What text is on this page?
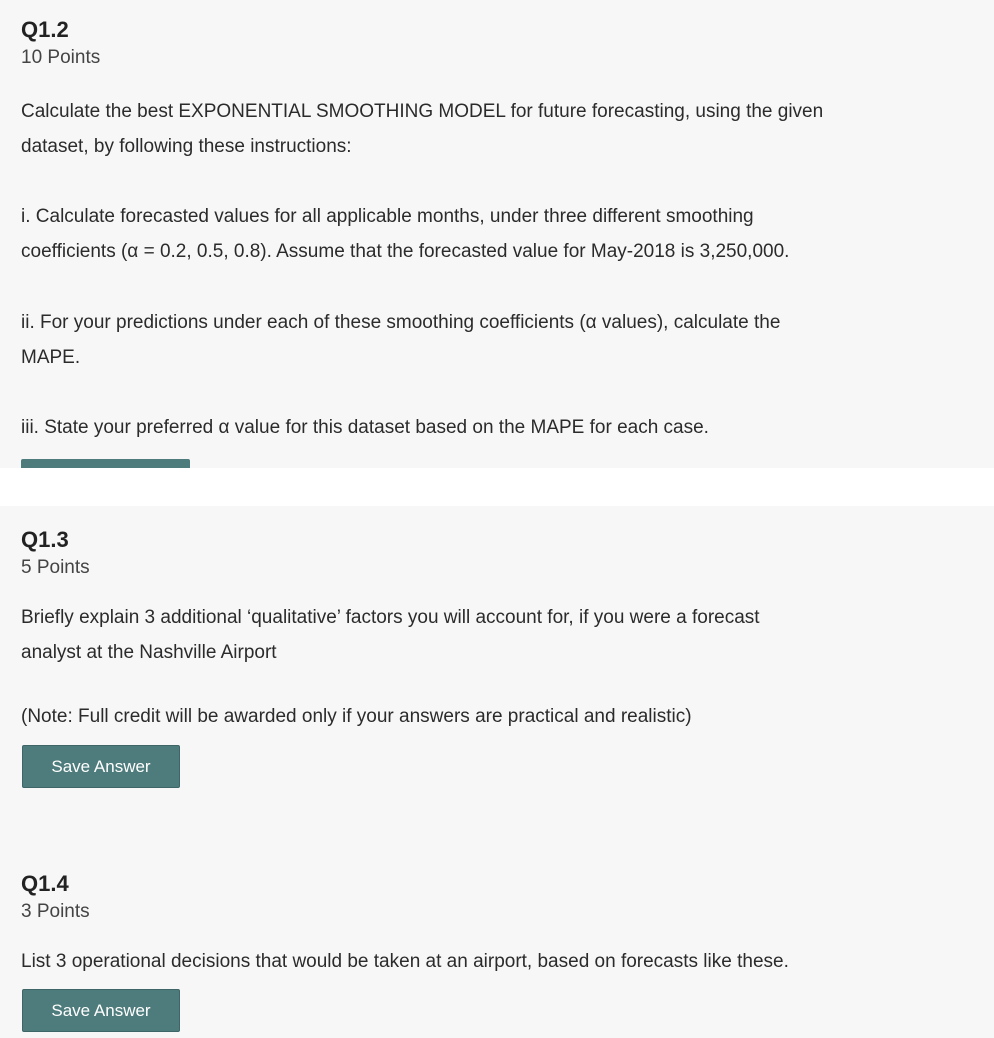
Q1.2
10 Points

Calculate the best EXPONENTIAL SMOOTHING MODEL for future forecasting, using the given

dataset, by following these instructions:

i. Calculate forecasted values for all applicable months, under three different smoothing

coefficients (α = 0.2, 0.5, 0.8). Assume that the forecasted value for May-2018 is 3,250,000.

ii. For your predictions under each of these smoothing coefficients (α values), calculate the

MAPE.

iii. State your preferred α value for this dataset based on the MAPE for each case.

Q1.3
5 Points

Briefly explain 3 additional ‘qualitative’ factors you will account for, if you were a forecast

analyst at the Nashville Airport

(Note: Full credit will be awarded only if your answers are practical and realistic)

Save Answer
Q1.4
3 Points

List 3 operational decisions that would be taken at an airport, based on forecasts like these.

Save Answer
